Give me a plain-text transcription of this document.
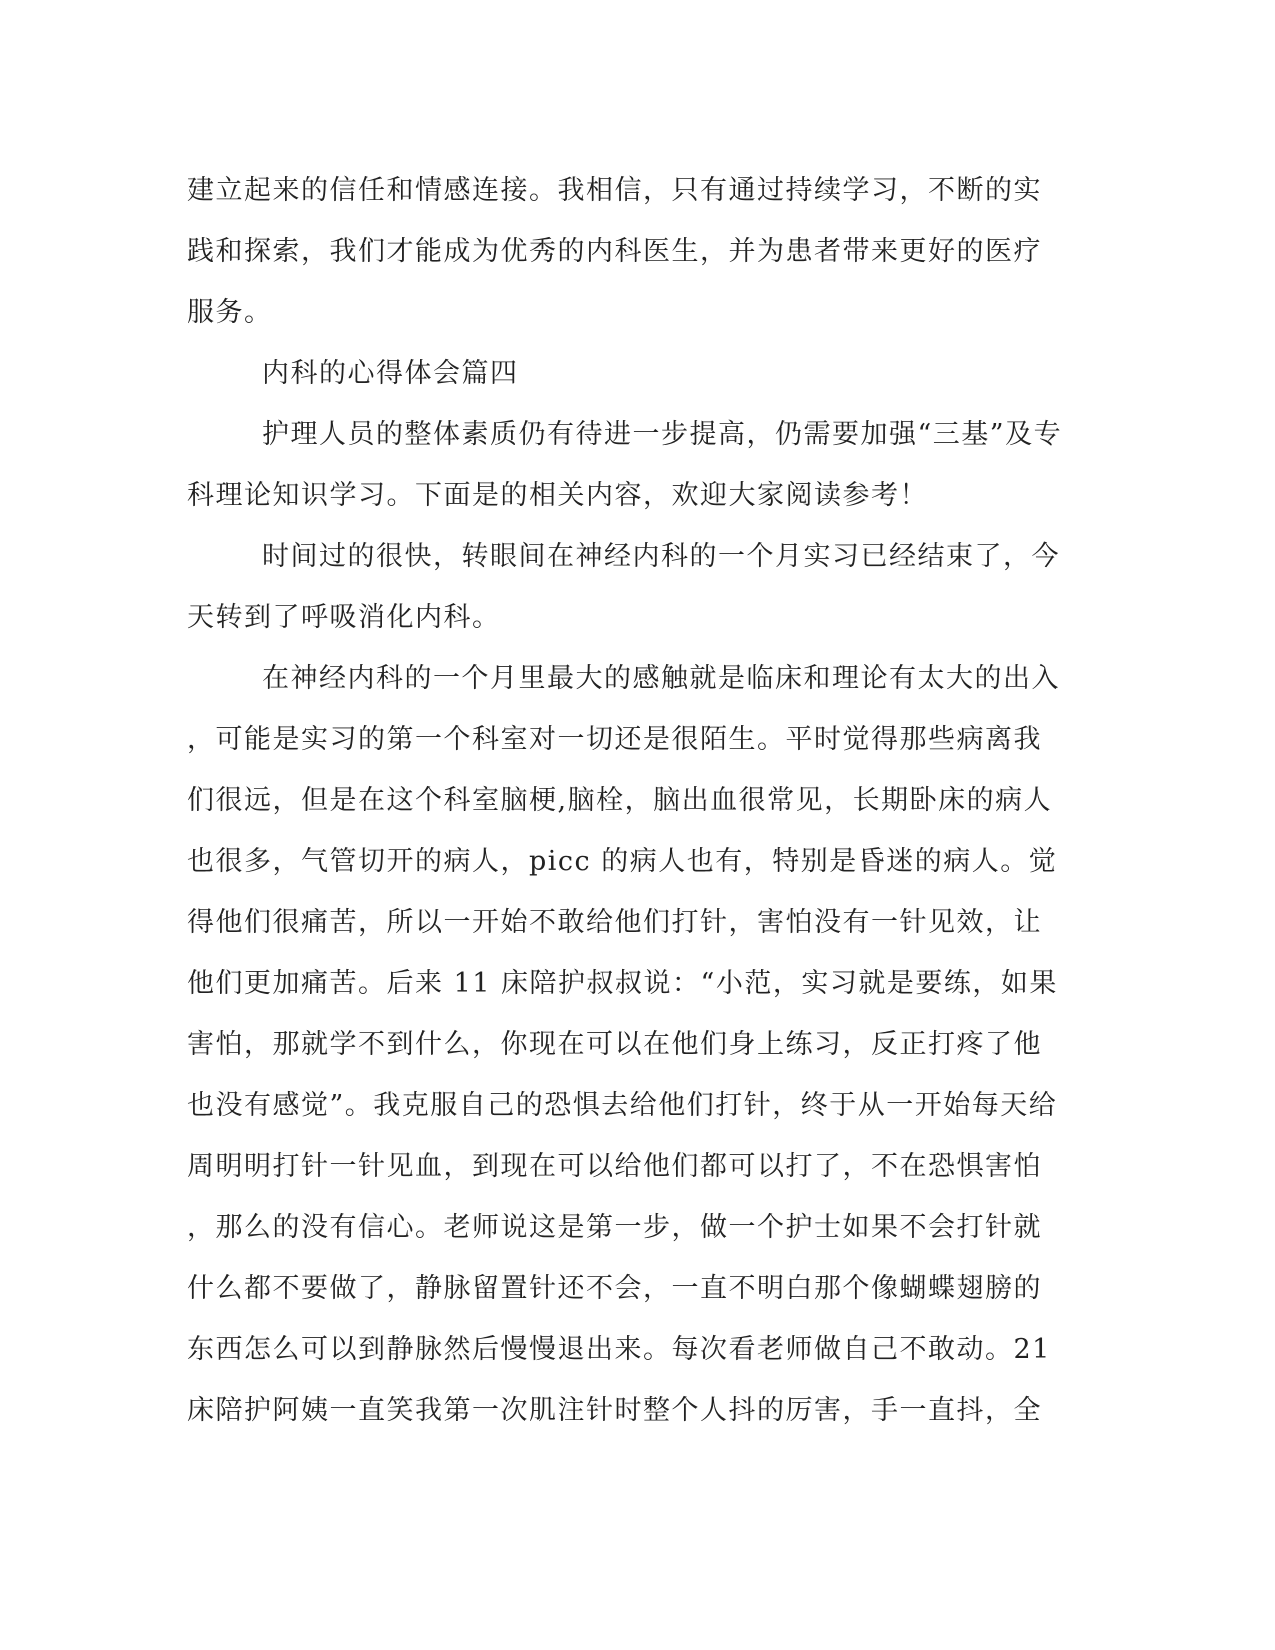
建立起来的信任和情感连接。我相信，只有通过持续学习，不断的实
践和探索，我们才能成为优秀的内科医生，并为患者带来更好的医疗
服务。
内科的心得体会篇四
护理人员的整体素质仍有待进一步提高，仍需要加强“三基”及专
科理论知识学习。下面是的相关内容，欢迎大家阅读参考！
时间过的很快，转眼间在神经内科的一个月实习已经结束了，今
天转到了呼吸消化内科。
在神经内科的一个月里最大的感触就是临床和理论有太大的出入
，可能是实习的第一个科室对一切还是很陌生。平时觉得那些病离我
们很远，但是在这个科室脑梗,脑栓，脑出血很常见，长期卧床的病人
也很多，气管切开的病人，picc 的病人也有，特别是昏迷的病人。觉
得他们很痛苦，所以一开始不敢给他们打针，害怕没有一针见效，让
他们更加痛苦。后来 11 床陪护叔叔说：“小范，实习就是要练，如果
害怕，那就学不到什么，你现在可以在他们身上练习，反正打疼了他
也没有感觉”。我克服自己的恐惧去给他们打针，终于从一开始每天给
周明明打针一针见血，到现在可以给他们都可以打了，不在恐惧害怕
，那么的没有信心。老师说这是第一步，做一个护士如果不会打针就
什么都不要做了，静脉留置针还不会，一直不明白那个像蝴蝶翅膀的
东西怎么可以到静脉然后慢慢退出来。每次看老师做自己不敢动。21
床陪护阿姨一直笑我第一次肌注针时整个人抖的厉害，手一直抖，全
